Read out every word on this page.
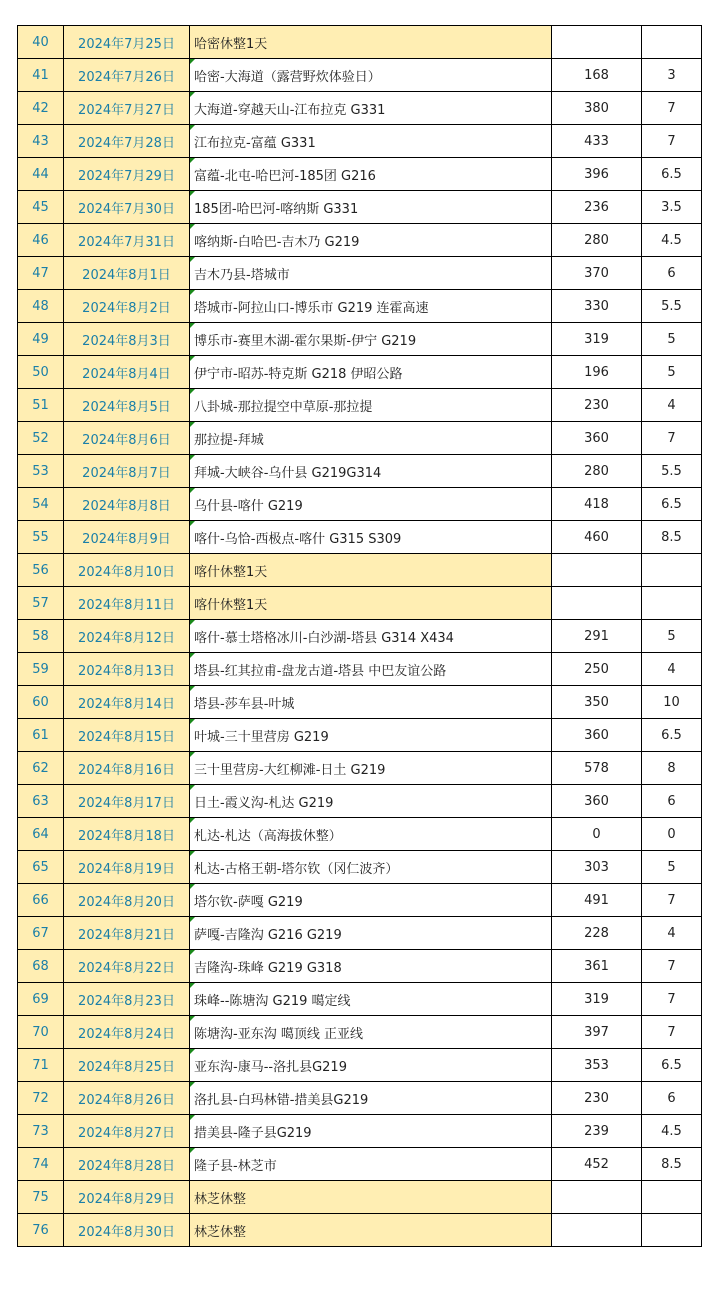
40	2024年7月25日	哈密休整1天		
41	2024年7月26日	哈密-大海道（露营野炊体验日）	168	3
42	2024年7月27日	大海道-穿越天山-江布拉克 G331	380	7
43	2024年7月28日	江布拉克-富蕴 G331	433	7
44	2024年7月29日	富蕴-北屯-哈巴河-185团 G216	396	6.5
45	2024年7月30日	185团-哈巴河-喀纳斯 G331	236	3.5
46	2024年7月31日	喀纳斯-白哈巴-吉木乃 G219	280	4.5
47	2024年8月1日	吉木乃县-塔城市	370	6
48	2024年8月2日	塔城市-阿拉山口-博乐市 G219 连霍高速	330	5.5
49	2024年8月3日	博乐市-赛里木湖-霍尔果斯-伊宁 G219	319	5
50	2024年8月4日	伊宁市-昭苏-特克斯 G218 伊昭公路	196	5
51	2024年8月5日	八卦城-那拉提空中草原-那拉提	230	4
52	2024年8月6日	那拉提-拜城	360	7
53	2024年8月7日	拜城-大峡谷-乌什县 G219G314	280	5.5
54	2024年8月8日	乌什县-喀什 G219	418	6.5
55	2024年8月9日	喀什-乌恰-西极点-喀什 G315 S309	460	8.5
56	2024年8月10日	喀什休整1天		
57	2024年8月11日	喀什休整1天		
58	2024年8月12日	喀什-慕士塔格冰川-白沙湖-塔县 G314 X434	291	5
59	2024年8月13日	塔县-红其拉甫-盘龙古道-塔县 中巴友谊公路	250	4
60	2024年8月14日	塔县-莎车县-叶城	350	10
61	2024年8月15日	叶城-三十里营房 G219	360	6.5
62	2024年8月16日	三十里营房-大红柳滩-日土 G219	578	8
63	2024年8月17日	日土-霞义沟-札达 G219	360	6
64	2024年8月18日	札达-札达（高海拔休整）	0	0
65	2024年8月19日	札达-古格王朝-塔尔钦（冈仁波齐）	303	5
66	2024年8月20日	塔尔钦-萨嘎 G219	491	7
67	2024年8月21日	萨嘎-吉隆沟 G216 G219	228	4
68	2024年8月22日	吉隆沟-珠峰 G219 G318	361	7
69	2024年8月23日	珠峰--陈塘沟 G219 噶定线	319	7
70	2024年8月24日	陈塘沟-亚东沟 噶顶线 正亚线	397	7
71	2024年8月25日	亚东沟-康马--洛扎县G219	353	6.5
72	2024年8月26日	洛扎县-白玛林错-措美县G219	230	6
73	2024年8月27日	措美县-隆子县G219	239	4.5
74	2024年8月28日	隆子县-林芝市	452	8.5
75	2024年8月29日	林芝休整		
76	2024年8月30日	林芝休整		
